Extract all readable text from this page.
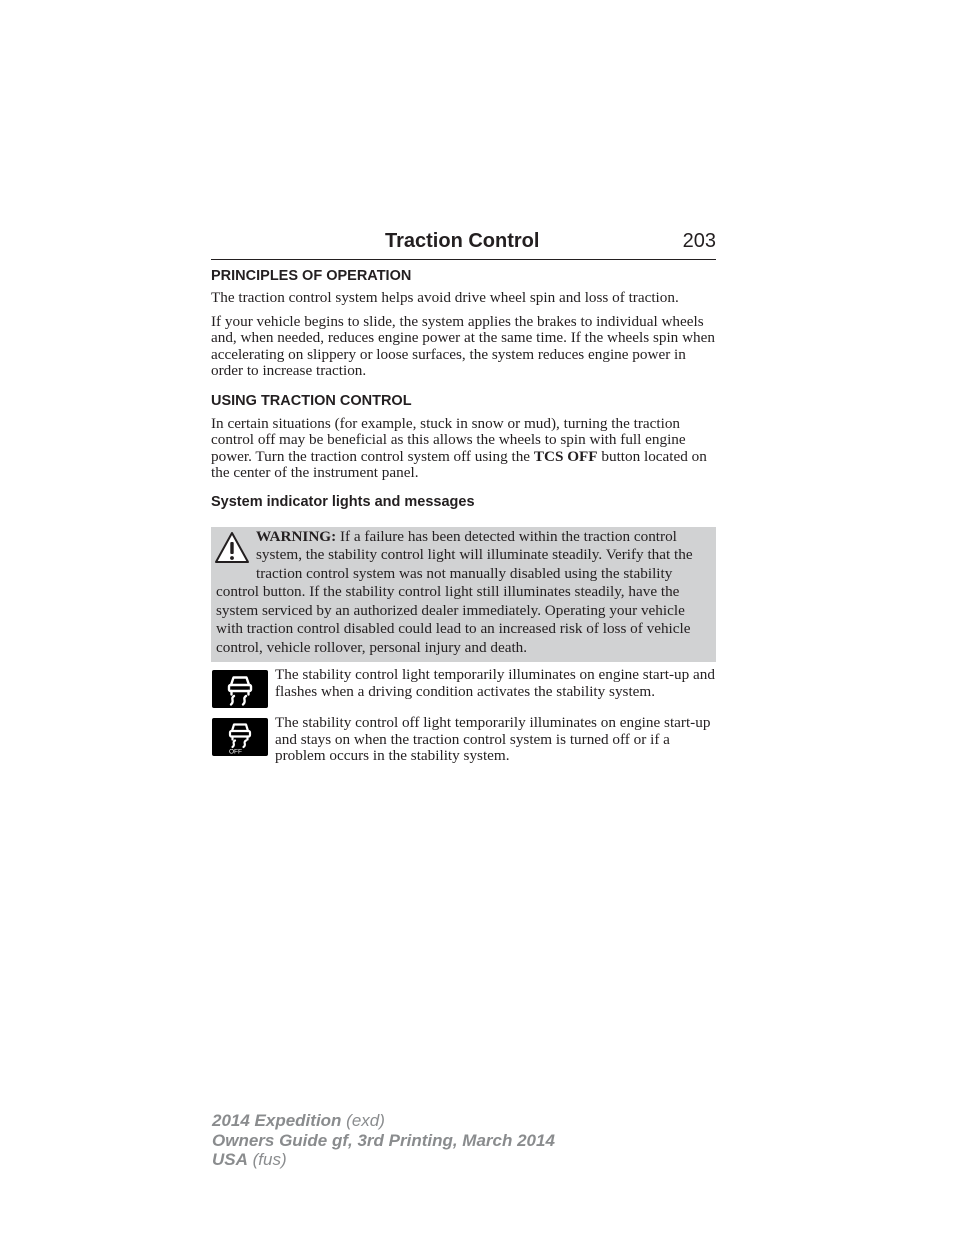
Traction Control	203
PRINCIPLES OF OPERATION

The traction control system helps avoid drive wheel spin and loss of traction.

If your vehicle begins to slide, the system applies the brakes to individual wheels and, when needed, reduces engine power at the same time. If the wheels spin when accelerating on slippery or loose surfaces, the system reduces engine power in order to increase traction.

USING TRACTION CONTROL

In certain situations (for example, stuck in snow or mud), turning the traction control off may be beneficial as this allows the wheels to spin with full engine power. Turn the traction control system off using the TCS OFF button located on the center of the instrument panel.

System indicator lights and messages
WARNING: If a failure has been detected within the traction control system, the stability control light will illuminate steadily. Verify that the traction control system was not manually disabled using the stability control button. If the stability control light still illuminates steadily, have the system serviced by an authorized dealer immediately. Operating your vehicle with traction control disabled could lead to an increased risk of loss of vehicle control, vehicle rollover, personal injury and death.

The stability control light temporarily illuminates on engine start-up and flashes when a driving condition activates the stability system.

OFF

The stability control off light temporarily illuminates on engine start-up and stays on when the traction control system is turned off or if a problem occurs in the stability system.

2014 Expedition (exd)
Owners Guide gf, 3rd Printing, March 2014
USA (fus)
